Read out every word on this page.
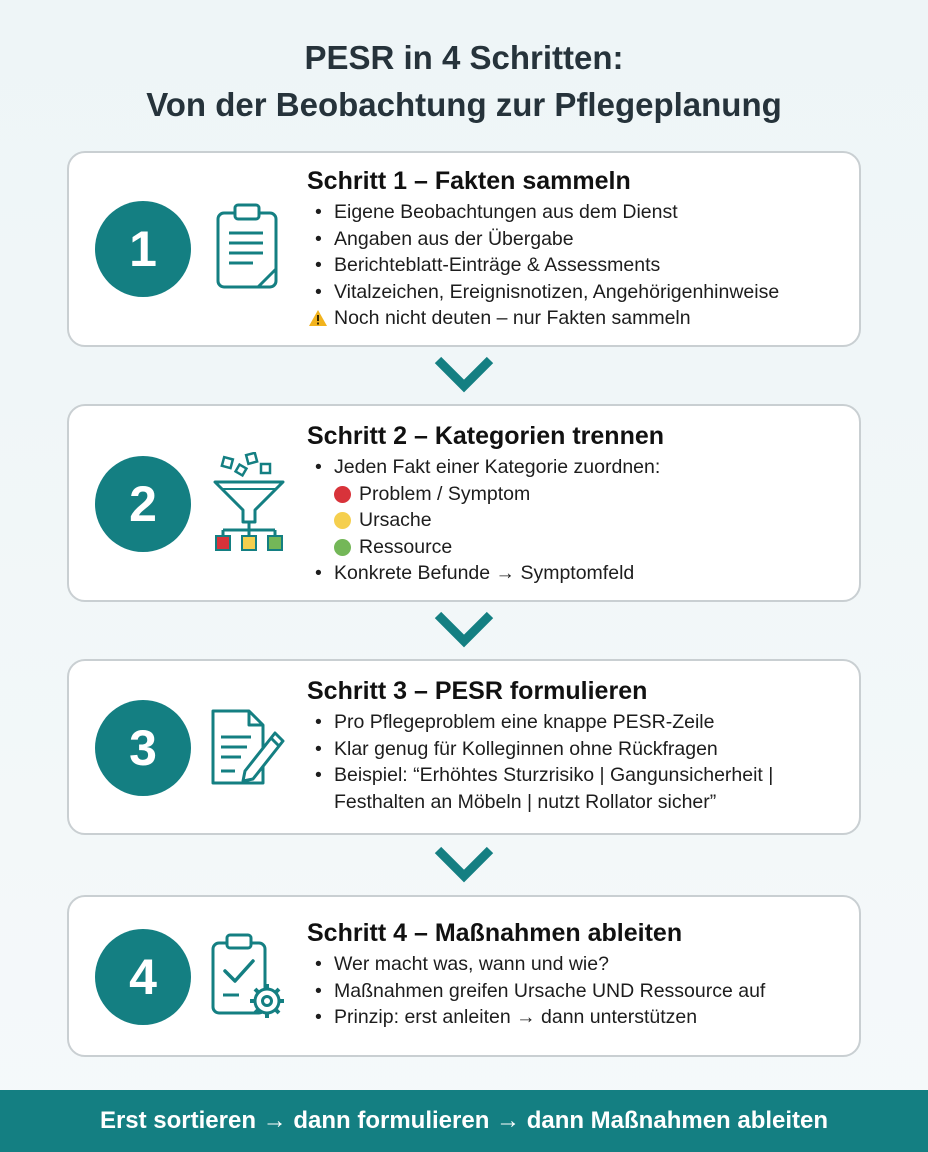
PESR in 4 Schritten:
Von der Beobachtung zur Pflegeplanung
1
Schritt 1 – Fakten sammeln
• Eigene Beobachtungen aus dem Dienst
• Angaben aus der Übergabe
• Berichteblatt-Einträge & Assessments
• Vitalzeichen, Ereignisnotizen, Angehörigenhinweise
Noch nicht deuten – nur Fakten sammeln
2
Schritt 2 – Kategorien trennen
• Jeden Fakt einer Kategorie zuordnen:
Problem / Symptom
Ursache
Ressource
• Konkrete Befunde → Symptomfeld
3
Schritt 3 – PESR formulieren
• Pro Pflegeproblem eine knappe PESR-Zeile
• Klar genug für Kolleginnen ohne Rückfragen
• Beispiel: “Erhöhtes Sturzrisiko | Gangunsicherheit |
Festhalten an Möbeln | nutzt Rollator sicher”
4
Schritt 4 – Maßnahmen ableiten
• Wer macht was, wann und wie?
• Maßnahmen greifen Ursache UND Ressource auf
• Prinzip: erst anleiten → dann unterstützen
Erst sortieren → dann formulieren → dann Maßnahmen ableiten
